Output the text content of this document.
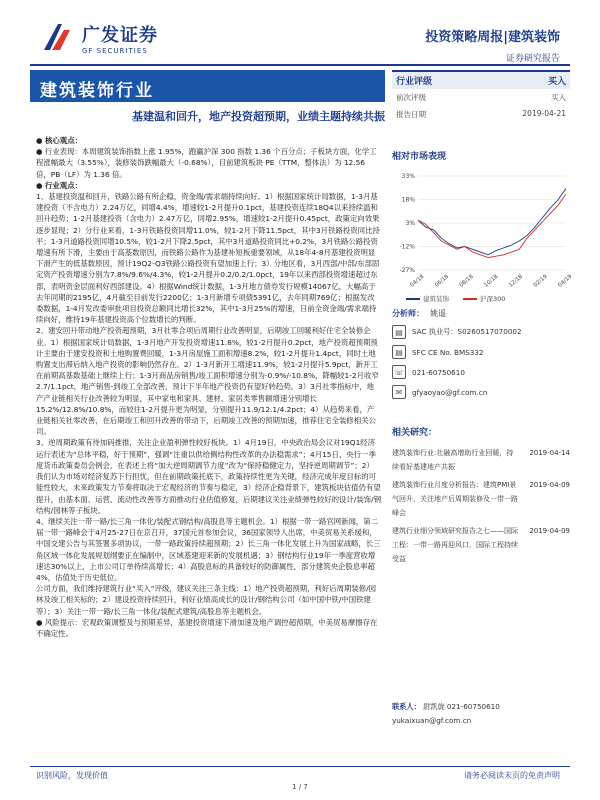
广发证券
GF SECURITIES
投资策略周报|建筑装饰
证券研究报告
建筑装饰行业
基建温和回升，地产投资超预期，业绩主题持续共振

● 核心观点：

● 行业表现：本周建筑装饰指数上涨 1.95%，跑赢沪深 300 指数 1.36 个百分点；子板块方面，化学工程涨幅最大（3.55%），装修装饰跌幅最大（-0.68%），目前建筑板块 PE（TTM，整体法）为 12.56 倍，PB（LF）为 1.36 倍。

● 行业观点：

1、基建投资温和回升，铁路公路有所企稳，资金端/需求端持续向好。1）根据国家统计局数据，1-3月基建投资（不含电力）2.24万亿，同增4.4%，增速较1-2月提升0.1pct，基建投资连续18Q4以来持续温和回升趋势；1-2月基建投资（含电力）2.47万亿，同增2.95%，增速较1-2月提升0.45pct，政策定向效果逐步显现；2）分行业来看，1-3月铁路投资同增11.0%，较1-2月下降11.5pct，其中3月铁路投资同比持平；1-3月道路投资同增10.5%，较1-2月下降2.5pct，其中3月道路投资同比+0.2%，3月铁路公路投资增速有所下滑，主要由于高基数原因，而铁路公路作为基建补短板重要领域，从18年4-8月基建投资明显下滑产生的低基数原因，预计19Q2-Q3铁路公路投资有望加速上行；3）分地区看，3月西部/中部/东部固定资产投资增速分别为7.8%/9.6%/4.3%，较1-2月提升0.2/0.2/1.0pct，19年以来西部投资增速超过东部，表明资金层面利好西部建设。4）根据Wind统计数据，1-3月地方债券发行规模14067亿，大幅高于去年同期的2195亿，4月截至目前发行2200亿；1-3月新增专项债5391亿，去年同期769亿；根据发改委数据，1-4月发改委审批项目投资总额同比增长32%，其中1-3月25%的增速，日前全资金端/需求端持续向好，维持19年基建投资高个位数增长的判断。

2、建安回升带动地产投资超预期，3月社零合项后周期行业改善明显，后期竣工回暖利好住宅全装修企业。1）根据国家统计局数据，1-3月地产开发投资增速11.8%，较1-2月提升0.2pct，地产投资超预期预计主要由于建安投资和土地购置费回暖，1-3月房屋施工面积增速8.2%，较1-2月提升1.4pct，同时土地购置支出滞后纳入地产投资的影响仍然存在。2）1-3月新开工增速11.9%，较1-2月提升5.9pct，新开工在前期高基数基础上继续上行；1-3月商品房销售/竣工面积增速分别为-0.9%/-10.8%，降幅较1-2月收窄2.7/1.1pct，地产销售-到竣工全部改善，预计下半年地产投资仍有望好转趋势。3）3月社零指标中，地产产业链相关行业改善较为明显，其中家电和家具、建材、家居类零售额增速分别增长15.2%/12.8%/10.8%，而较往1-2月提升更为明显，分别提升11.9/12.1/4.2pct；4）从趋势来看，产业链相关社零改善，在后期竣工和回升改善的带动下，后期竣工改善的预期加速，推荐住宅全装修相关公司。

3、逆周期政策有待加码推推，关注企业盈利弹性较好板块。1）4月19日，中央政治局会议对19Q1经济运行表述为“总体平稳，好于预期”，强调“注重以供给侧结构性改革的办法稳需求”；4月15日，央行一季度货币政策委员会例会，在表述上将“加大逆周期调节力度”改为“保持稳健定力，坚持逆周期调节”；2）我们认为市场对经济复苏下行担忧，但在前期政策托底下，政策持续性更为关键，经济完成年度目标的可能性较大，未来政策发力节奏将取决于宏观经济的节奏与稳定，3）经济企稳背景下，建筑板块估值仍有望提升，由基本面、运营、流动性改善等方面推动行业估值修复，后期建议关注业绩弹性较好的设计/装饰/钢结构/园林等子板块。

4、继续关注一带一路/长三角一体化/装配式钢结构/高股息等主题机会。1）根据一带一路官网新闻，第二届一带一路峰会于4月25-27日在京召开，37国元首参加会议，36国家领导人出席，中美贸易关系缓和，中国交建公告与其签署多项协议，一带一路政策持续超预期；2）长三角一体化发展上升为国家战略，长三角区域一体化发展规划纲要正在编制中，区域基建迎来新的发展机遇；3）钢结构行业19年一季度营收增速达30%以上，上市公司订单持续高增长；4）高股息标的具备较好的防御属性，部分建筑央企股息率超4%，估值处于历史低位。

公司方面，我们维持建筑行业“买入”评级，建议关注三条主线：1）地产投资超预期，利好后周期装修/园林及竣工相关标的；2）建设投资持续回升，利好业绩高成长的设计/钢结构公司（如中国中铁/中国铁建等）；3）关注一带一路/长三角一体化/装配式建筑/高股息等主题机会。

● 风险提示：宏观政策调整及与预期差异，基建投资增速下滑加速及地产调控超预期，中美贸易摩擦存在不确定性。

行业评级	买入
前次评级	买入
报告日期	2019-04-21
相对市场表现
33%
18%
3%
-12%
-27%
04/18 06/18 08/18 10/18 12/18 02/19 04/19
建筑装饰	沪深300
分析师： 姚遥
▤	SAC 执业号：S0260517070002
▤	SFC CE No. BMS332
☏ 021-60750610
✉	gfyaoyao@gf.com.cn
相关研究：
建筑装饰行业:社融高增助行业回暖，持续看好基建地产共振
2019-04-14
建筑装饰行业月度分析报告：建筑PMI景气回升，关注地产后周期装修及一带一路峰会
2019-04-09
建筑行业细分领域研究报告之七——国际工程：一带一路再迎风口，国际工程持续受益
2019-04-09
联系人： 尉凯旋 021-60750610
yukaixuan@gf.com.cn
识别风险，发现价值	请务必阅读末页的免责声明
1 / 7
